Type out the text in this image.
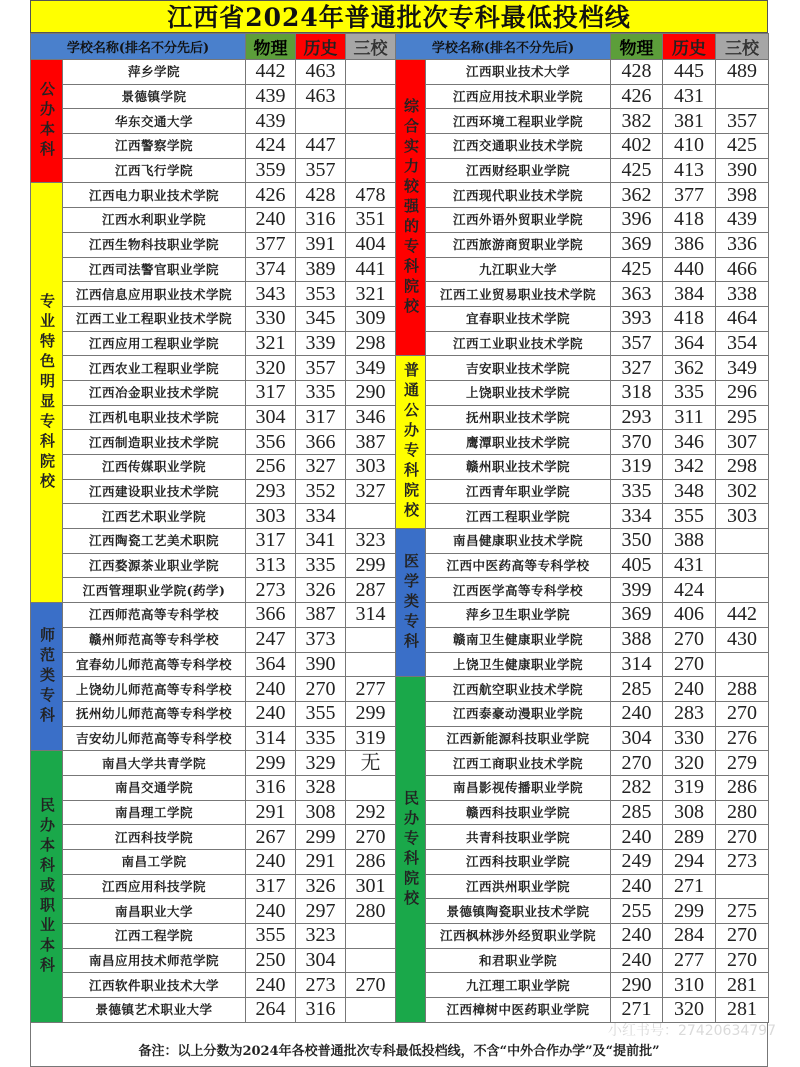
江西省2024年普通批次专科最低投档线
学校名称(排名不分先后)		物理	历史	三校
公办本科	萍乡学院	442	463	
	景德镇学院	439	463	
	华东交通大学	439		
	江西警察学院	424	447	
	江西飞行学院	359	357	
专业特色明显专科院校	江西电力职业技术学院	426	428	478
	江西水利职业学院	240	316	351
	江西生物科技职业学院	377	391	404
	江西司法警官职业学院	374	389	441
	江西信息应用职业技术学院	343	353	321
	江西工业工程职业技术学院	330	345	309
	江西应用工程职业学院	321	339	298
	江西农业工程职业学院	320	357	349
	江西冶金职业技术学院	317	335	290
	江西机电职业技术学院	304	317	346
	江西制造职业技术学院	356	366	387
	江西传媒职业学院	256	327	303
	江西建设职业技术学院	293	352	327
	江西艺术职业学院	303	334	
	江西陶瓷工艺美术职院	317	341	323
	江西婺源茶业职业学院	313	335	299
	江西管理职业学院(药学)	273	326	287
师范类专科	江西师范高等专科学校	366	387	314
	赣州师范高等专科学校	247	373	
	宜春幼儿师范高等专科学校	364	390	
	上饶幼儿师范高等专科学校	240	270	277
	抚州幼儿师范高等专科学校	240	355	299
	吉安幼儿师范高等专科学校	314	335	319
民办本科或职业本科	南昌大学共青学院	299	329	无
	南昌交通学院	316	328	
	南昌理工学院	291	308	292
	江西科技学院	267	299	270
	南昌工学院	240	291	286
	江西应用科技学院	317	326	301
	南昌职业大学	240	297	280
	江西工程学院	355	323	
	南昌应用技术师范学院	250	304	
	江西软件职业技术大学	240	273	270
	景德镇艺术职业大学	264	316	
学校名称(排名不分先后)		物理	历史	三校
综合实力较强的专科院校	江西职业技术大学	428	445	489
	江西应用技术职业学院	426	431	
	江西环境工程职业学院	382	381	357
	江西交通职业技术学院	402	410	425
	江西财经职业学院	425	413	390
	江西现代职业技术学院	362	377	398
	江西外语外贸职业学院	396	418	439
	江西旅游商贸职业学院	369	386	336
	九江职业大学	425	440	466
	江西工业贸易职业技术学院	363	384	338
	宜春职业技术学院	393	418	464
	江西工业职业技术学院	357	364	354
普通公办专科院校	吉安职业技术学院	327	362	349
	上饶职业技术学院	318	335	296
	抚州职业技术学院	293	311	295
	鹰潭职业技术学院	370	346	307
	赣州职业技术学院	319	342	298
	江西青年职业学院	335	348	302
	江西工程职业学院	334	355	303
医学类专科	南昌健康职业技术学院	350	388	
	江西中医药高等专科学校	405	431	
	江西医学高等专科学校	399	424	
	萍乡卫生职业学院	369	406	442
	赣南卫生健康职业学院	388	270	430
	上饶卫生健康职业学院	314	270	
民办专科院校	江西航空职业技术学院	285	240	288
	江西泰豪动漫职业学院	240	283	270
	江西新能源科技职业学院	304	330	276
	江西工商职业技术学院	270	320	279
	南昌影视传播职业学院	282	319	286
	赣西科技职业学院	285	308	280
	共青科技职业学院	240	289	270
	江西科技职业学院	249	294	273
	江西洪州职业学院	240	271	
	景德镇陶瓷职业技术学院	255	299	275
	江西枫林涉外经贸职业学院	240	284	270
	和君职业学院	240	277	270
	九江理工职业学院	290	310	281
	江西樟树中医药职业学院	271	320	281
备注：以上分数为2024年各校普通批次专科最低投档线，不含“中外合作办学”及“提前批”
小红书号：27420634797
